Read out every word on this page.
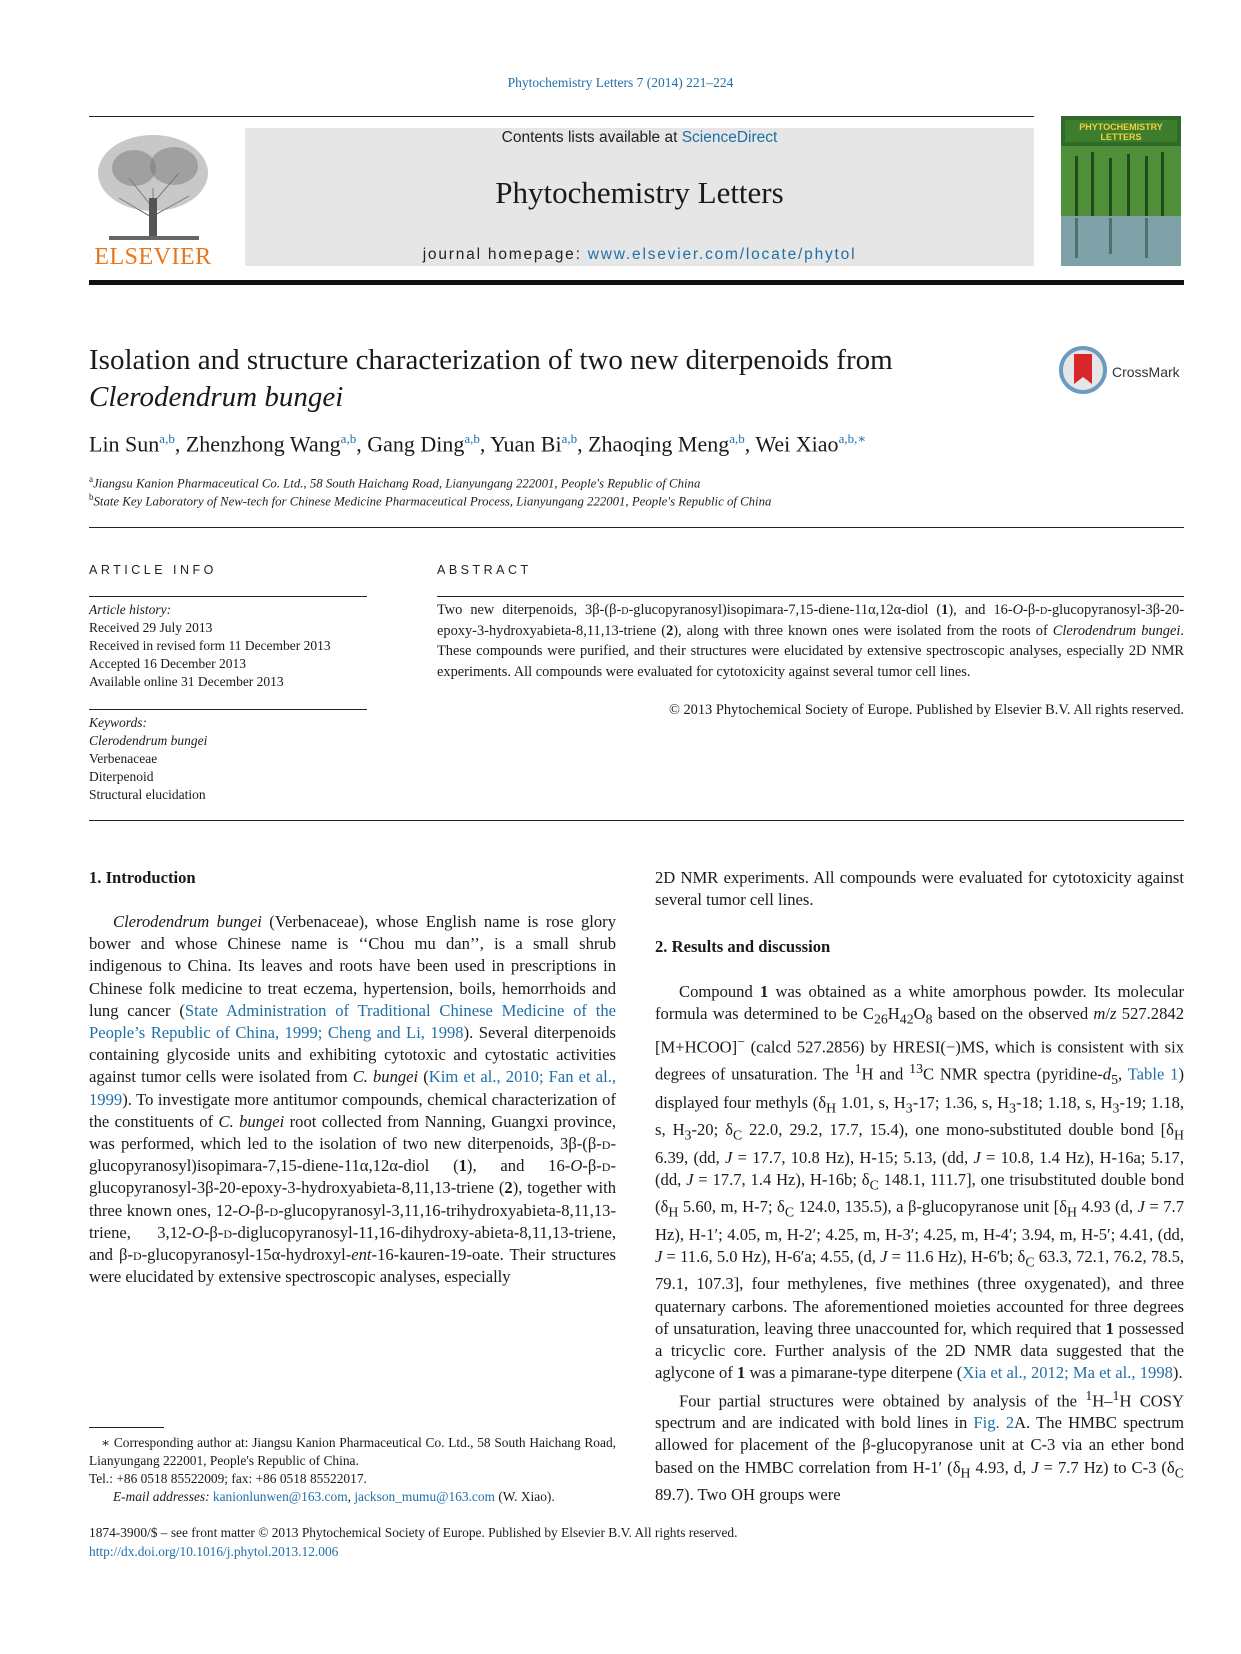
Phytochemistry Letters 7 (2014) 221–224
ELSEVIER
Contents lists available at ScienceDirect
Phytochemistry Letters
journal homepage: www.elsevier.com/locate/phytol
PHYTOCHEMISTRY LETTERS
Isolation and structure characterization of two new diterpenoids from
Clerodendrum bungei
CrossMark
Lin Sun$^{a,b}$, Zhenzhong Wang$^{a,b}$, Gang Ding$^{a,b}$, Yuan Bi$^{a,b}$, Zhaoqing Meng$^{a,b}$, Wei Xiao$^{a,b,∗}$
$^a$Jiangsu Kanion Pharmaceutical Co. Ltd., 58 South Haichang Road, Lianyungang 222001, People's Republic of China
$^b$State Key Laboratory of New-tech for Chinese Medicine Pharmaceutical Process, Lianyungang 222001, People's Republic of China
ARTICLE INFO
Article history:
Received 29 July 2013
Received in revised form 11 December 2013
Accepted 16 December 2013
Available online 31 December 2013
Keywords:
Clerodendrum bungei
Verbenaceae
Diterpenoid
Structural elucidation
ABSTRACT
Two new diterpenoids, 3β-(β-d-glucopyranosyl)isopimara-7,15-diene-11α,12α-diol (1), and 16-O-β-d-glucopyranosyl-3β-20-epoxy-3-hydroxyabieta-8,11,13-triene (2), along with three known ones were isolated from the roots of Clerodendrum bungei. These compounds were purified, and their structures were elucidated by extensive spectroscopic analyses, especially 2D NMR experiments. All compounds were evaluated for cytotoxicity against several tumor cell lines.
© 2013 Phytochemical Society of Europe. Published by Elsevier B.V. All rights reserved.
1. Introduction

Clerodendrum bungei (Verbenaceae), whose English name is rose glory bower and whose Chinese name is ‘‘Chou mu dan’’, is a small shrub indigenous to China. Its leaves and roots have been used in prescriptions in Chinese folk medicine to treat eczema, hypertension, boils, hemorrhoids and lung cancer (State Administration of Traditional Chinese Medicine of the People’s Republic of China, 1999; Cheng and Li, 1998). Several diterpenoids containing glycoside units and exhibiting cytotoxic and cytostatic activities against tumor cells were isolated from C. bungei (Kim et al., 2010; Fan et al., 1999). To investigate more antitumor compounds, chemical characterization of the constituents of C. bungei root collected from Nanning, Guangxi province, was performed, which led to the isolation of two new diterpenoids, 3β-(β-d-glucopyranosyl)isopimara-7,15-diene-11α,12α-diol (1), and 16-O-β-d-glucopyranosyl-3β-20-epoxy-3-hydroxyabieta-8,11,13-triene (2), together with three known ones, 12-O-β-d-glucopyranosyl-3,11,16-trihydroxyabieta-8,11,13-triene, 3,12-O-β-d-diglucopyranosyl-11,16-dihydroxy-abieta-8,11,13-triene, and β-d-glucopyranosyl-15α-hydroxyl-ent-16-kauren-19-oate. Their structures were elucidated by extensive spectroscopic analyses, especially

∗ Corresponding author at: Jiangsu Kanion Pharmaceutical Co. Ltd., 58 South Haichang Road, Lianyungang 222001, People's Republic of China.
Tel.: +86 0518 85522009; fax: +86 0518 85522017.
E-mail addresses: kanionlunwen@163.com, jackson_mumu@163.com (W. Xiao).

2D NMR experiments. All compounds were evaluated for cytotoxicity against several tumor cell lines.

2. Results and discussion

Compound 1 was obtained as a white amorphous powder. Its molecular formula was determined to be $C_{26}H_{42}O_8$ based on the observed m/z 527.2842 [M+HCOO]− (calcd 527.2856) by HRESI(−)MS, which is consistent with six degrees of unsaturation. The $^1$H and $^{13}$C NMR spectra ($pyridine-d_5$, Table 1) displayed four methyls ($\delta_H$ 1.01, s, $H_3-17$; 1.36, s, $H_3-18$; 1.18, s, $H_3-19$; 1.18, s, $H_3-20$; $\delta_C$ 22.0, 29.2, 17.7, 15.4), one mono-substituted double bond [$\delta_H$ 6.39, (dd, J = 17.7, 10.8 Hz), H-15; 5.13, (dd, J = 10.8, 1.4 Hz), H-16a; 5.17, (dd, J = 17.7, 1.4 Hz), H-16b; $\delta_C$ 148.1, 111.7], one trisubstituted double bond ($\delta_H$ 5.60, m, H-7; $\delta_C$ 124.0, 135.5), a β-glucopyranose unit [$\delta_H$ 4.93 (d, J = 7.7 Hz), H-1′; 4.05, m, H-2′; 4.25, m, H-3′; 4.25, m, H-4′; 3.94, m, H-5′; 4.41, (dd, J = 11.6, 5.0 Hz), H-6′a; 4.55, (d, J = 11.6 Hz), H-6′b; $\delta_C$ 63.3, 72.1, 76.2, 78.5, 79.1, 107.3], four methylenes, five methines (three oxygenated), and three quaternary carbons. The aforementioned moieties accounted for three degrees of unsaturation, leaving three unaccounted for, which required that 1 possessed a tricyclic core. Further analysis of the 2D NMR data suggested that the aglycone of 1 was a pimarane-type diterpene (Xia et al., 2012; Ma et al., 1998).

Four partial structures were obtained by analysis of the $^1$H–$^1$H COSY spectrum and are indicated with bold lines in Fig. 2A. The HMBC spectrum allowed for placement of the β-glucopyranose unit at C-3 via an ether bond based on the HMBC correlation from H-1′ ($\delta_H$ 4.93, d, J = 7.7 Hz) to C-3 ($\delta_C$ 89.7). Two OH groups were

1874-3900/$ – see front matter © 2013 Phytochemical Society of Europe. Published by Elsevier B.V. All rights reserved.
http://dx.doi.org/10.1016/j.phytol.2013.12.006
